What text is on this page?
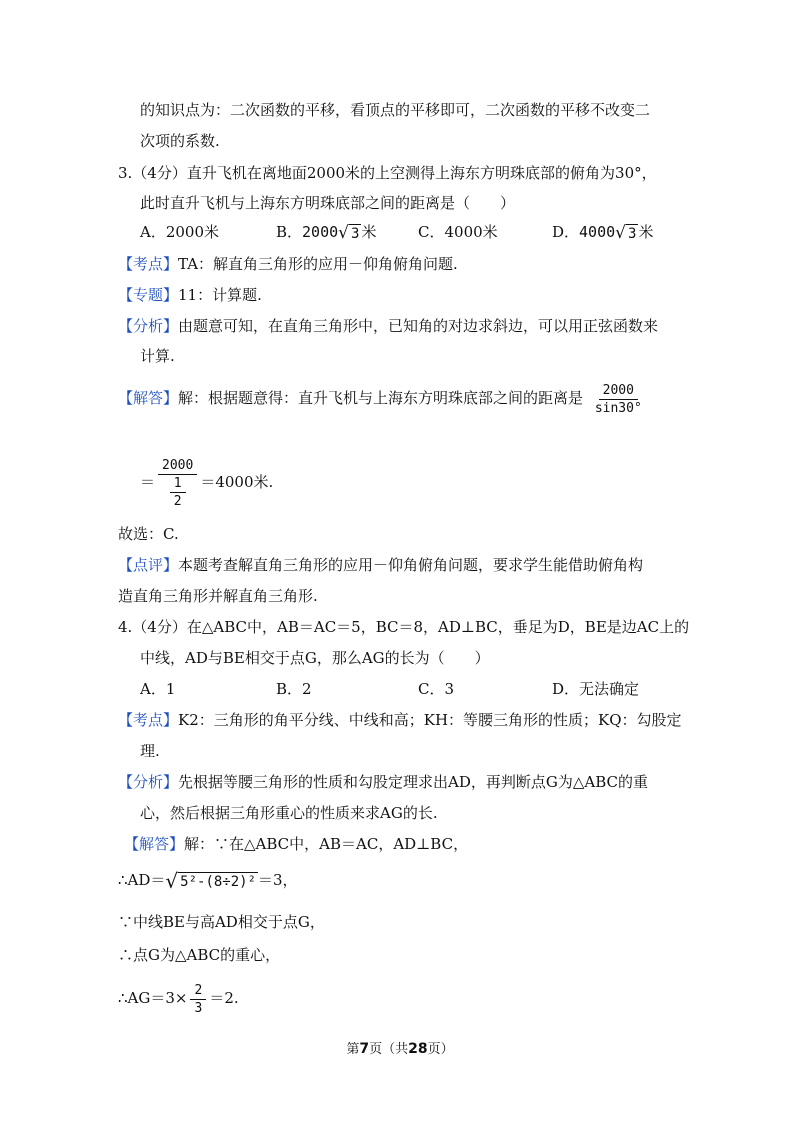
的知识点为：二次函数的平移，看顶点的平移即可，二次函数的平移不改变二
次项的系数.
3.（4分）直升飞机在离地面2000米的上空测得上海东方明珠底部的俯角为30°，
此时直升飞机与上海东方明珠底部之间的距离是（　　）
A．2000米	B．2000 √ 3 米	C．4000米	D．4000 √ 3 米
【考点】TA：解直角三角形的应用－仰角俯角问题.
【专题】11：计算题.
【分析】由题意可知，在直角三角形中，已知角的对边求斜边，可以用正弦函数来
计算.
【解答】解：根据题意得：直升飞机与上海东方明珠底部之间的距离是 $\frac{2000}{\sin 30^\circ}$
＝ $\frac{2000}{\frac{1}{2}} =4000$米.
故选：C.
【点评】本题考查解直角三角形的应用－仰角俯角问题，要求学生能借助俯角构
造直角三角形并解直角三角形.
4.（4分）在△ABC中，AB＝AC＝5，BC＝8，AD⊥BC，垂足为D，BE是边AC上的
中线，AD与BE相交于点G，那么AG的长为（　　）
A．1	B．2	C．3	D．无法确定
【考点】K2：三角形的角平分线、中线和高；KH：等腰三角形的性质；KQ：勾股定
理.
【分析】先根据等腰三角形的性质和勾股定理求出AD，再判断点G为△ABC的重
心，然后根据三角形重心的性质来求AG的长.
【解答】解：∵在△ABC中，AB＝AC，AD⊥BC，
∴AD＝ √ 5²-(8÷2)² ＝3，
∵中线BE与高AD相交于点G，
∴点G为△ABC的重心，
∴AG＝3× $\frac{2}{3} =2$.
第7页（共28页）
